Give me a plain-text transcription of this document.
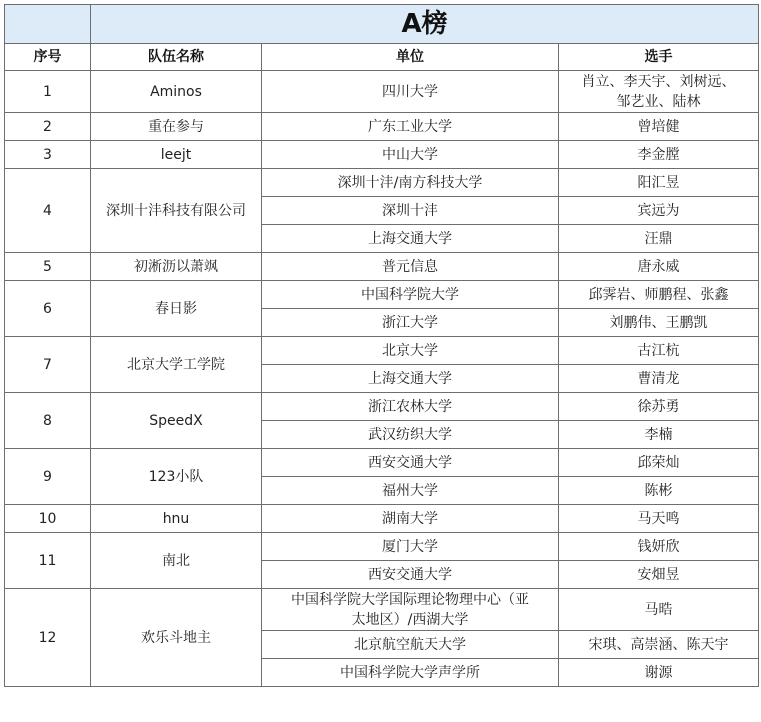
	A榜		
序号	队伍名称	单位	选手
1	Aminos	四川大学	肖立、李天宇、刘树远、
邹艺业、陆林
2	重在参与	广东工业大学	曾培健
3	leejt	中山大学	李金膛
4	深圳十沣科技有限公司	深圳十沣/南方科技大学	阳汇昱
		深圳十沣	宾远为
		上海交通大学	汪鼎
5	初淅沥以萧飒	普元信息	唐永威
6	春日影	中国科学院大学	邱霁岩、师鹏程、张鑫
		浙江大学	刘鹏伟、王鹏凯
7	北京大学工学院	北京大学	古江杭
		上海交通大学	曹清龙
8	SpeedX	浙江农林大学	徐苏勇
		武汉纺织大学	李楠
9	123小队	西安交通大学	邱荣灿
		福州大学	陈彬
10	hnu	湖南大学	马天鸣
11	南北	厦门大学	钱妍欣
		西安交通大学	安畑昱
12	欢乐斗地主	中国科学院大学国际理论物理中心（亚
太地区）/西湖大学	马晧
		北京航空航天大学	宋琪、高崇涵、陈天宇
		中国科学院大学声学所	谢源
